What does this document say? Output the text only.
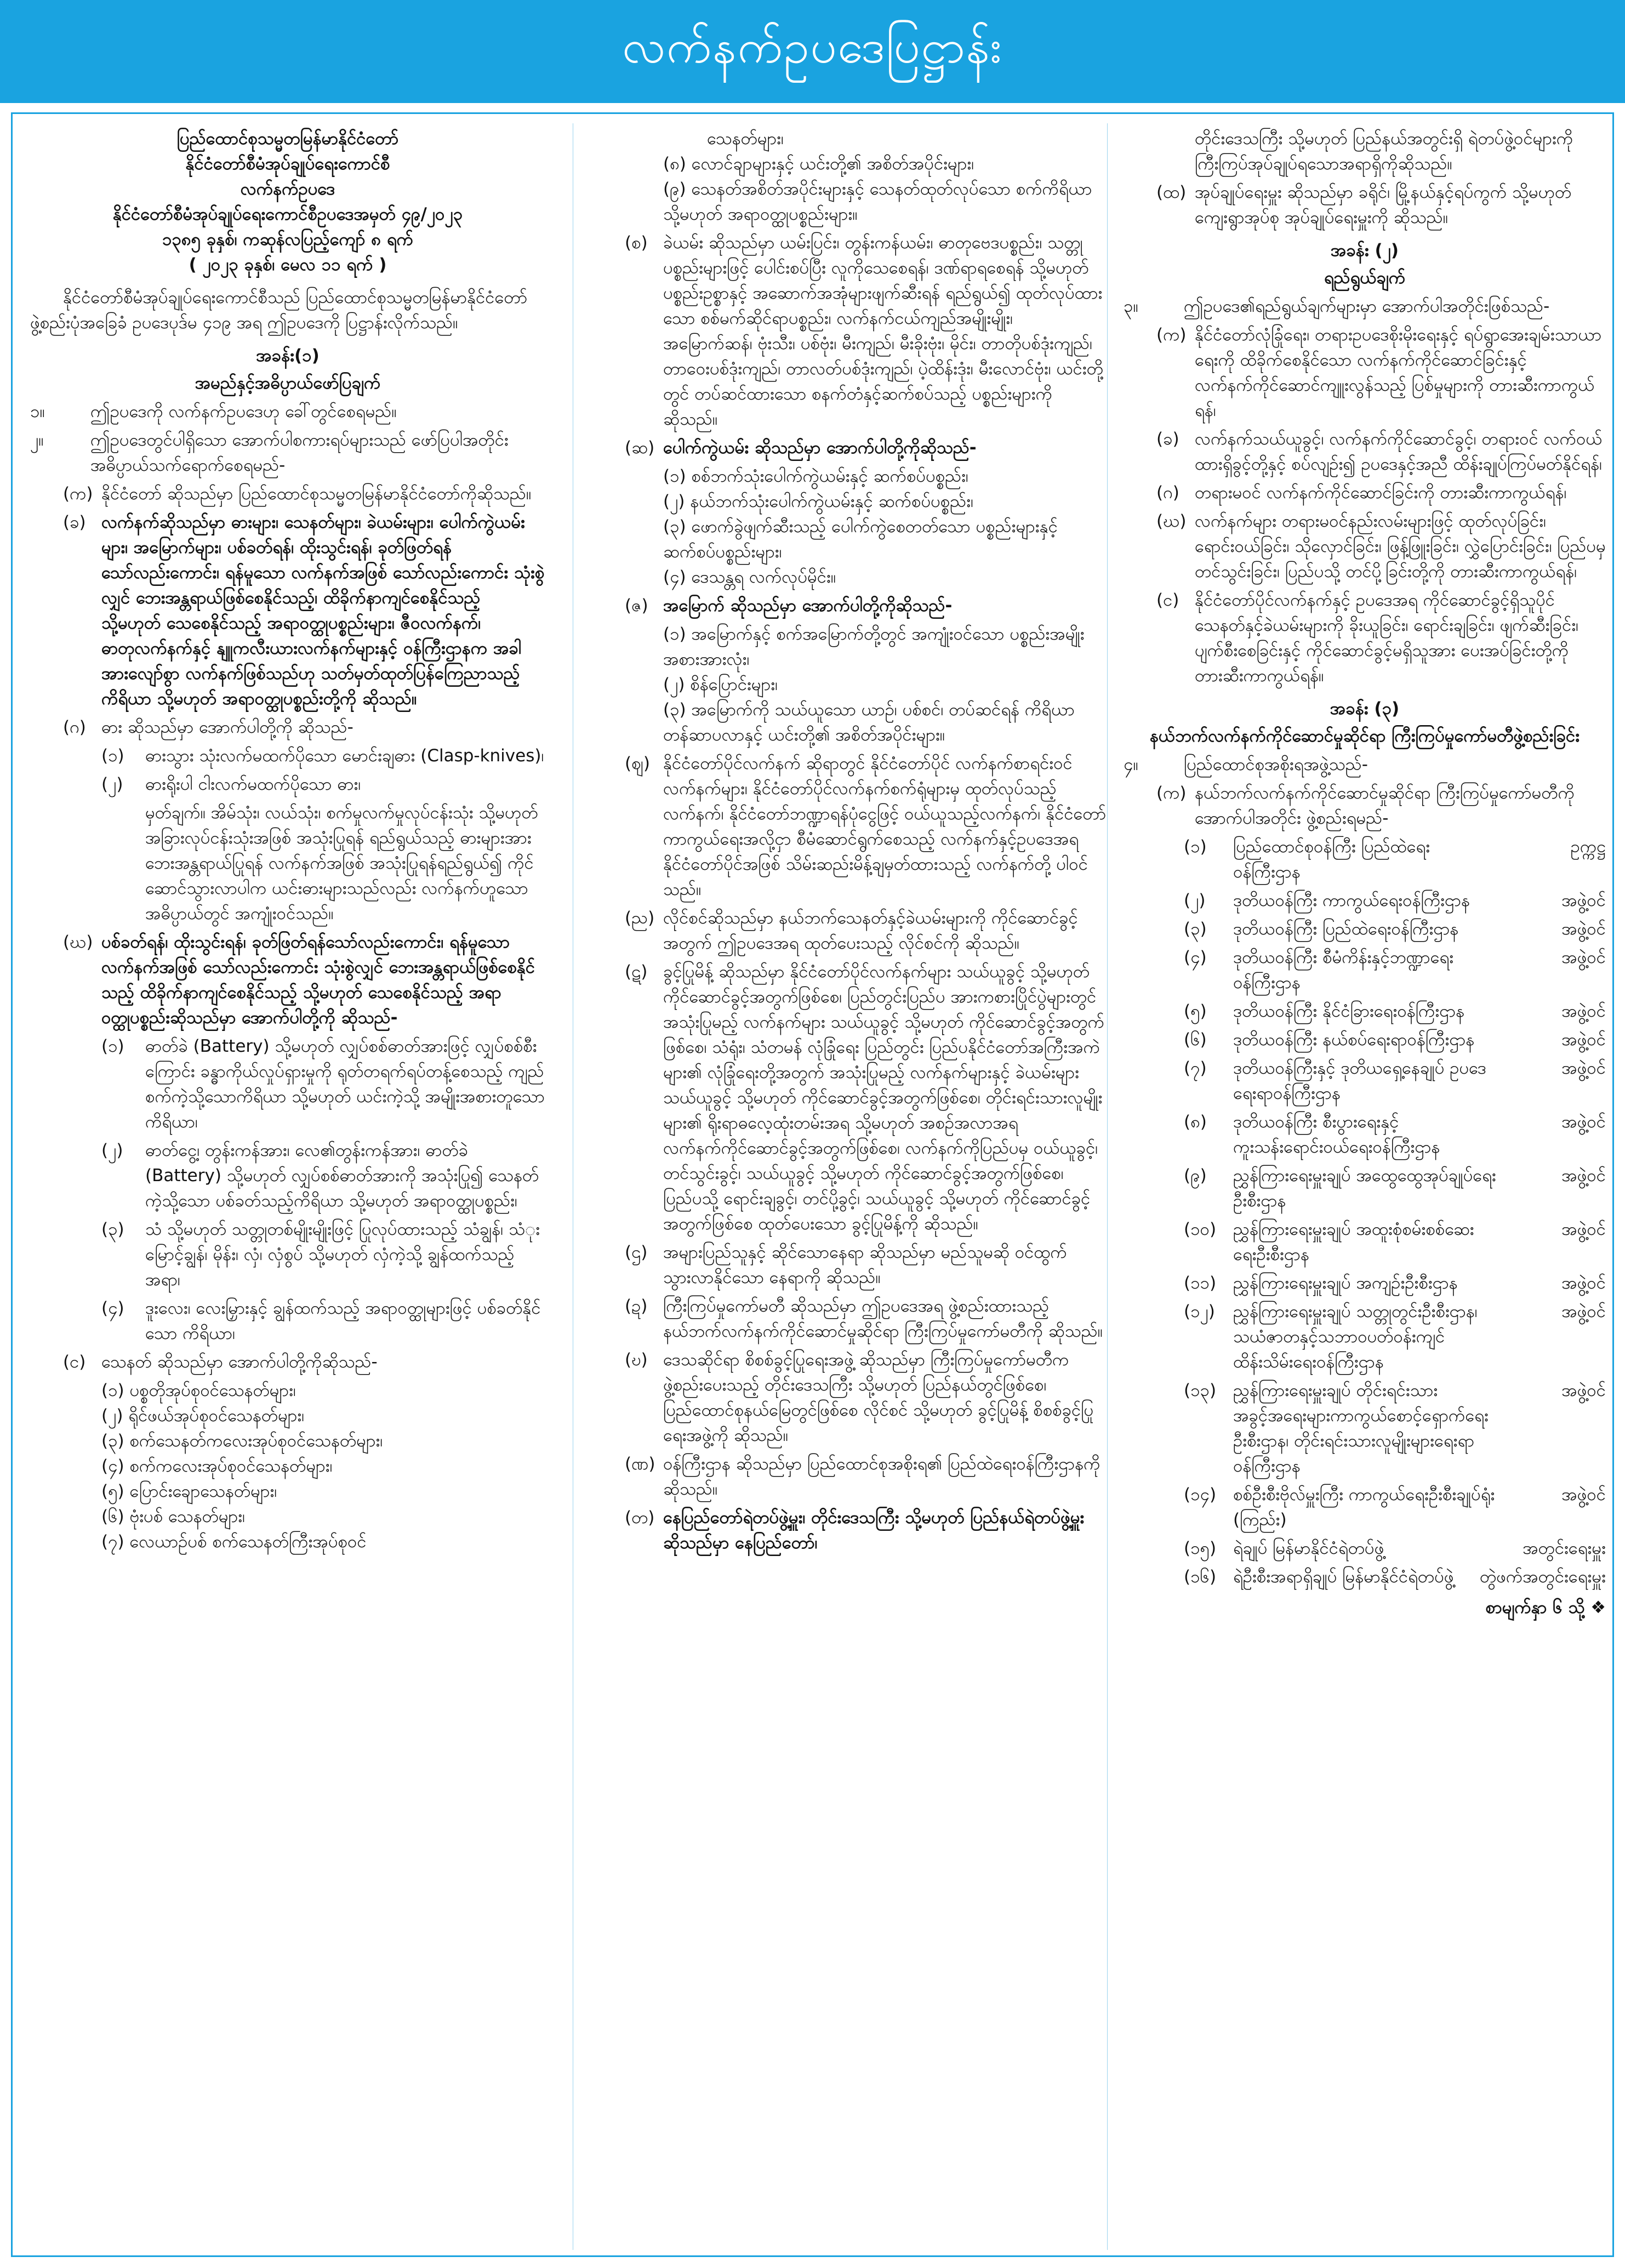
လက်နက်ဥပဒေပြဋ္ဌာန်း
ပြည်ထောင်စုသမ္မတမြန်မာနိုင်ငံတော်
နိုင်ငံတော်စီမံအုပ်ချုပ်ရေးကောင်စီ
လက်နက်ဥပဒေ
နိုင်ငံတော်စီမံအုပ်ချုပ်ရေးကောင်စီဥပဒေအမှတ် ၄၉/၂၀၂၃
၁၃၈၅ ခုနှစ်၊ ကဆုန်လပြည့်ကျော် ၈ ရက်
( ၂၀၂၃ ခုနှစ်၊ မေလ ၁၁ ရက် )
နိုင်ငံတော်စီမံအုပ်ချုပ်ရေးကောင်စီသည် ပြည်ထောင်စုသမ္မတမြန်မာနိုင်ငံတော်ဖွဲ့စည်းပုံအခြေခံ ဥပဒေပုဒ်မ ၄၁၉ အရ ဤဥပဒေကို ပြဋ္ဌာန်းလိုက်သည်။
အခန်း(၁)
အမည်နှင့်အဓိပ္ပာယ်ဖော်ပြချက်
၁။	ဤဥပဒေကို လက်နက်ဥပဒေဟု ခေါ်တွင်စေရမည်။
၂။	ဤဥပဒေတွင်ပါရှိသော အောက်ပါစကားရပ်များသည် ဖော်ပြပါအတိုင်း အဓိပ္ပာယ်သက်ရောက်စေရမည်-
(က) နိုင်ငံတော် ဆိုသည်မှာ ပြည်ထောင်စုသမ္မတမြန်မာနိုင်ငံတော်ကိုဆိုသည်။
(ခ) လက်နက်ဆိုသည်မှာ ဓားများ၊ သေနတ်များ၊ ခဲယမ်းများ၊ ပေါက်ကွဲယမ်းများ၊ အမြောက်များ၊ ပစ်ခတ်ရန်၊ ထိုးသွင်းရန်၊ ခုတ်ဖြတ်ရန်သော်လည်းကောင်း၊ ရန်မူသော လက်နက်အဖြစ် သော်လည်းကောင်း သုံးစွဲလျှင် ဘေးအန္တရာယ်ဖြစ်စေနိုင်သည့်၊ ထိခိုက်နာကျင်စေနိုင်သည့် သို့မဟုတ် သေစေနိုင်သည့် အရာဝတ္ထုပစ္စည်းများ၊ ဇီဝလက်နက်၊ ဓာတုလက်နက်နှင့် နျူကလီးယားလက်နက်များနှင့် ဝန်ကြီးဌာနက အခါအားလျော်စွာ လက်နက်ဖြစ်သည်ဟု သတ်မှတ်ထုတ်ပြန်ကြေညာသည့် ကိရိယာ သို့မဟုတ် အရာဝတ္ထုပစ္စည်းတို့ကို ဆိုသည်။
(ဂ) ဓား ဆိုသည်မှာ အောက်ပါတို့ကို ဆိုသည်-
(၁)	ဓားသွား သုံးလက်မထက်ပိုသော မောင်းချဓား (Clasp-knives)၊
(၂)	ဓားရိုးပါ ငါးလက်မထက်ပိုသော ဓား၊
မှတ်ချက်။ အိမ်သုံး၊ လယ်သုံး၊ စက်မှုလက်မှုလုပ်ငန်းသုံး သို့မဟုတ် အခြားလုပ်ငန်းသုံးအဖြစ် အသုံးပြုရန် ရည်ရွယ်သည့် ဓားများအား ဘေးအန္တရာယ်ပြုရန် လက်နက်အဖြစ် အသုံးပြုရန်ရည်ရွယ်၍ ကိုင်ဆောင်သွားလာပါက ယင်းဓားများသည်လည်း လက်နက်ဟူသော အဓိပ္ပာယ်တွင် အကျုံးဝင်သည်။
(ဃ) ပစ်ခတ်ရန်၊ ထိုးသွင်းရန်၊ ခုတ်ဖြတ်ရန်သော်လည်းကောင်း၊ ရန်မူသော လက်နက်အဖြစ် သော်လည်းကောင်း သုံးစွဲလျှင် ဘေးအန္တရာယ်ဖြစ်စေနိုင်သည့် ထိခိုက်နာကျင်စေနိုင်သည့် သို့မဟုတ် သေစေနိုင်သည့် အရာဝတ္ထုပစ္စည်းဆိုသည်မှာ အောက်ပါတို့ကို ဆိုသည်-
(၁)	ဓာတ်ခဲ (Battery) သို့မဟုတ် လျှပ်စစ်ဓာတ်အားဖြင့် လျှပ်စစ်စီးကြောင်း ခန္ဓာကိုယ်လှုပ်ရှားမှုကို ရုတ်တရက်ရပ်တန့်စေသည့် ကျည်စက်ကဲ့သို့သောကိရိယာ သို့မဟုတ် ယင်းကဲ့သို့ အမျိုးအစားတူသောကိရိယာ၊
(၂)	ဓာတ်ငွေ့၊ တွန်းကန်အား၊ လေ၏တွန်းကန်အား၊ ဓာတ်ခဲ (Battery) သို့မဟုတ် လျှပ်စစ်ဓာတ်အားကို အသုံးပြု၍ သေနတ်ကဲ့သို့သော ပစ်ခတ်သည့်ကိရိယာ သို့မဟုတ် အရာဝတ္ထုပစ္စည်း၊
(၃)	သံ သို့မဟုတ် သတ္တုတစ်မျိုးမျိုးဖြင့် ပြုလုပ်ထားသည့် သံချွန်၊ သံုးမြောင့်ချွန်၊ မိုန်း၊ လှံ၊ လှံစွပ် သို့မဟုတ် လှံကဲ့သို့ ချွန်ထက်သည့်အရာ၊
(၄)	ဒူးလေး၊ လေးမြှားနှင့် ချွန်ထက်သည့် အရာဝတ္ထုများဖြင့် ပစ်ခတ်နိုင်သော ကိရိယာ၊
(င) သေနတ် ဆိုသည်မှာ အောက်ပါတို့ကိုဆိုသည်-
(၁) ပစ္စတိုအုပ်စုဝင်သေနတ်များ၊
(၂) ရိုင်ဖယ်အုပ်စုဝင်သေနတ်များ၊
(၃) စက်သေနတ်ကလေးအုပ်စုဝင်သေနတ်များ၊
(၄) စက်ကလေးအုပ်စုဝင်သေနတ်များ၊
(၅) ပြောင်းချောသေနတ်များ၊
(၆) ဗုံးပစ် သေနတ်များ၊
(၇) လေယာဉ်ပစ် စက်သေနတ်ကြီးအုပ်စုဝင်
သေနတ်များ၊
(၈) လောင်ချာများနှင့် ယင်းတို့၏ အစိတ်အပိုင်းများ၊
(၉) သေနတ်အစိတ်အပိုင်းများနှင့် သေနတ်ထုတ်လုပ်သော စက်ကိရိယာ သို့မဟုတ် အရာဝတ္ထုပစ္စည်းများ။
(စ) ခဲယမ်း ဆိုသည်မှာ ယမ်းပြင်း၊ တွန်းကန်ယမ်း၊ ဓာတုဗေဒပစ္စည်း၊ သတ္တုပစ္စည်းများဖြင့် ပေါင်းစပ်ပြီး လူကိုသေစေရန်၊ ဒဏ်ရာရစေရန် သို့မဟုတ် ပစ္စည်းဥစ္စာနှင့် အဆောက်အအုံများဖျက်ဆီးရန် ရည်ရွယ်၍ ထုတ်လုပ်ထားသော စစ်မက်ဆိုင်ရာပစ္စည်း၊ လက်နက်ငယ်ကျည်အမျိုးမျိုး၊ အမြောက်ဆန်၊ ဗုံးသီး၊ ပစ်ဗုံး၊ မီးကျည်၊ မီးခိုးဗုံး၊ မိုင်း၊ တာတိုပစ်ဒုံးကျည်၊ တာဝေးပစ်ဒုံးကျည်၊ တာလတ်ပစ်ဒုံးကျည်၊ ပဲ့ထိန်းဒုံး၊ မီးလောင်ဗုံး၊ ယင်းတို့တွင် တပ်ဆင်ထားသော စနက်တံနှင့်ဆက်စပ်သည့် ပစ္စည်းများကို ဆိုသည်။
(ဆ) ပေါက်ကွဲယမ်း ဆိုသည်မှာ အောက်ပါတို့ကိုဆိုသည်-
(၁) စစ်ဘက်သုံးပေါက်ကွဲယမ်းနှင့် ဆက်စပ်ပစ္စည်း၊
(၂) နယ်ဘက်သုံးပေါက်ကွဲယမ်းနှင့် ဆက်စပ်ပစ္စည်း၊
(၃) ဖောက်ခွဲဖျက်ဆီးသည့် ပေါက်ကွဲစေတတ်သော ပစ္စည်းများနှင့် ဆက်စပ်ပစ္စည်းများ၊
(၄) ဒေသန္တရ လက်လုပ်မိုင်း။
(ဇ) အမြောက် ဆိုသည်မှာ အောက်ပါတို့ကိုဆိုသည်-
(၁) အမြောက်နှင့် စက်အမြောက်တို့တွင် အကျုံးဝင်သော ပစ္စည်းအမျိုးအစားအားလုံး၊
(၂) စိန်ပြောင်းများ၊
(၃) အမြောက်ကို သယ်ယူသော ယာဉ်၊ ပစ်စင်၊ တပ်ဆင်ရန် ကိရိယာတန်ဆာပလာနှင့် ယင်းတို့၏ အစိတ်အပိုင်းများ။
(ဈ) နိုင်ငံတော်ပိုင်လက်နက် ဆိုရာတွင် နိုင်ငံတော်ပိုင် လက်နက်စာရင်းဝင် လက်နက်များ၊ နိုင်ငံတော်ပိုင်လက်နက်စက်ရုံများမှ ထုတ်လုပ်သည့်လက်နက်၊ နိုင်ငံတော်ဘဏ္ဍာရန်ပုံငွေဖြင့် ဝယ်ယူသည့်လက်နက်၊ နိုင်ငံတော်ကာကွယ်ရေးအလို့ငှာ စီမံဆောင်ရွက်စေသည့် လက်နက်နှင့်ဥပဒေအရ နိုင်ငံတော်ပိုင်အဖြစ် သိမ်းဆည်းမိန့်ချမှတ်ထားသည့် လက်နက်တို့ ပါဝင်သည်။
(ည) လိုင်စင်ဆိုသည်မှာ နယ်ဘက်သေနတ်နှင့်ခဲယမ်းများကို ကိုင်ဆောင်ခွင့်အတွက် ဤဥပဒေအရ ထုတ်ပေးသည့် လိုင်စင်ကို ဆိုသည်။
(ဋ) ခွင့်ပြုမိန့် ဆိုသည်မှာ နိုင်ငံတော်ပိုင်လက်နက်များ သယ်ယူခွင့် သို့မဟုတ် ကိုင်ဆောင်ခွင့်အတွက်ဖြစ်စေ၊ ပြည်တွင်းပြည်ပ အားကစားပြိုင်ပွဲများတွင် အသုံးပြုမည့် လက်နက်များ သယ်ယူခွင့် သို့မဟုတ် ကိုင်ဆောင်ခွင့်အတွက်ဖြစ်စေ၊ သံရုံး၊ သံတမန် လုံခြုံရေး ပြည်တွင်း ပြည်ပနိုင်ငံတော်အကြီးအကဲများ၏ လုံခြုံရေးတို့အတွက် အသုံးပြုမည့် လက်နက်များနှင့် ခဲယမ်းများ သယ်ယူခွင့် သို့မဟုတ် ကိုင်ဆောင်ခွင့်အတွက်ဖြစ်စေ၊ တိုင်းရင်းသားလူမျိုးများ၏ ရိုးရာဓလေ့ထုံးတမ်းအရ သို့မဟုတ် အစဉ်အလာအရ လက်နက်ကိုင်ဆောင်ခွင့်အတွက်ဖြစ်စေ၊ လက်နက်ကိုပြည်ပမှ ဝယ်ယူခွင့်၊ တင်သွင်းခွင့်၊ သယ်ယူခွင့် သို့မဟုတ် ကိုင်ဆောင်ခွင့်အတွက်ဖြစ်စေ၊ ပြည်ပသို့ ရောင်းချခွင့်၊ တင်ပို့ခွင့်၊ သယ်ယူခွင့် သို့မဟုတ် ကိုင်ဆောင်ခွင့်အတွက်ဖြစ်စေ ထုတ်ပေးသော ခွင့်ပြုမိန့်ကို ဆိုသည်။
(ဌ) အများပြည်သူနှင့် ဆိုင်သောနေရာ ဆိုသည်မှာ မည်သူမဆို ဝင်ထွက်သွားလာနိုင်သော နေရာကို ဆိုသည်။
(ဍ) ကြီးကြပ်မှုကော်မတီ ဆိုသည်မှာ ဤဥပဒေအရ ဖွဲ့စည်းထားသည့် နယ်ဘက်လက်နက်ကိုင်ဆောင်မှုဆိုင်ရာ ကြီးကြပ်မှုကော်မတီကို ဆိုသည်။
(ဎ) ဒေသဆိုင်ရာ စိစစ်ခွင့်ပြုရေးအဖွဲ့ ဆိုသည်မှာ ကြီးကြပ်မှုကော်မတီက ဖွဲ့စည်းပေးသည့် တိုင်းဒေသကြီး သို့မဟုတ် ပြည်နယ်တွင်ဖြစ်စေ၊ ပြည်ထောင်စုနယ်မြေတွင်ဖြစ်စေ လိုင်စင် သို့မဟုတ် ခွင့်ပြုမိန့် စိစစ်ခွင့်ပြုရေးအဖွဲ့ကို ဆိုသည်။
(ဏ) ဝန်ကြီးဌာန ဆိုသည်မှာ ပြည်ထောင်စုအစိုးရ၏ ပြည်ထဲရေးဝန်ကြီးဌာနကို ဆိုသည်။
(တ) နေပြည်တော်ရဲတပ်ဖွဲ့မှူး၊ တိုင်းဒေသကြီး သို့မဟုတ် ပြည်နယ်ရဲတပ်ဖွဲ့မှူး ဆိုသည်မှာ နေပြည်တော်၊
တိုင်းဒေသကြီး သို့မဟုတ် ပြည်နယ်အတွင်းရှိ ရဲတပ်ဖွဲ့ဝင်များကို ကြီးကြပ်အုပ်ချုပ်ရသောအရာရှိကိုဆိုသည်။
(ထ) အုပ်ချုပ်ရေးမှူး ဆိုသည်မှာ ခရိုင်၊ မြို့နယ်နှင့်ရပ်ကွက် သို့မဟုတ် ကျေးရွာအုပ်စု အုပ်ချုပ်ရေးမှူးကို ဆိုသည်။
အခန်း (၂)
ရည်ရွယ်ချက်
၃။	ဤဥပဒေ၏ရည်ရွယ်ချက်များမှာ အောက်ပါအတိုင်းဖြစ်သည်-
(က) နိုင်ငံတော်လုံခြုံရေး၊ တရားဥပဒေစိုးမိုးရေးနှင့် ရပ်ရွာအေးချမ်းသာယာရေးကို ထိခိုက်စေနိုင်သော လက်နက်ကိုင်ဆောင်ခြင်းနှင့် လက်နက်ကိုင်ဆောင်ကျူးလွန်သည့် ပြစ်မှုများကို တားဆီးကာကွယ်ရန်၊
(ခ) လက်နက်သယ်ယူခွင့်၊ လက်နက်ကိုင်ဆောင်ခွင့်၊ တရားဝင် လက်ဝယ်ထားရှိခွင့်တို့နှင့် စပ်လျဉ်း၍ ဥပဒေနှင့်အညီ ထိန်းချုပ်ကြပ်မတ်နိုင်ရန်၊
(ဂ) တရားမဝင် လက်နက်ကိုင်ဆောင်ခြင်းကို တားဆီးကာကွယ်ရန်၊
(ဃ) လက်နက်များ တရားမဝင်နည်းလမ်းများဖြင့် ထုတ်လုပ်ခြင်း၊ ရောင်းဝယ်ခြင်း၊ သိုလှောင်ခြင်း၊ ဖြန့်ဖြူးခြင်း၊ လွှဲပြောင်းခြင်း၊ ပြည်ပမှတင်သွင်းခြင်း၊ ပြည်ပသို့ တင်ပို့ခြင်းတို့ကို တားဆီးကာကွယ်ရန်၊
(င) နိုင်ငံတော်ပိုင်လက်နက်နှင့် ဥပဒေအရ ကိုင်ဆောင်ခွင့်ရှိသူပိုင် သေနတ်နှင့်ခဲယမ်းများကို ခိုးယူခြင်း၊ ရောင်းချခြင်း၊ ဖျက်ဆီးခြင်း၊ ပျက်စီးစေခြင်းနှင့် ကိုင်ဆောင်ခွင့်မရှိသူအား ပေးအပ်ခြင်းတို့ကို တားဆီးကာကွယ်ရန်။
အခန်း (၃)
နယ်ဘက်လက်နက်ကိုင်ဆောင်မှုဆိုင်ရာ ကြီးကြပ်မှုကော်မတီဖွဲ့စည်းခြင်း
၄။	ပြည်ထောင်စုအစိုးရအဖွဲ့သည်-
(က) နယ်ဘက်လက်နက်ကိုင်ဆောင်မှုဆိုင်ရာ ကြီးကြပ်မှုကော်မတီကို အောက်ပါအတိုင်း ဖွဲ့စည်းရမည်-
(၁)	ပြည်ထောင်စုဝန်ကြီး ပြည်ထဲရေးဝန်ကြီးဌာန
ဥက္ကဋ္ဌ
(၂)	ဒုတိယဝန်ကြီး ကာကွယ်ရေးဝန်ကြီးဌာန	အဖွဲ့ဝင်
(၃)	ဒုတိယဝန်ကြီး ပြည်ထဲရေးဝန်ကြီးဌာန	အဖွဲ့ဝင်
(၄)	ဒုတိယဝန်ကြီး စီမံကိန်းနှင့်ဘဏ္ဍာရေးဝန်ကြီးဌာန
အဖွဲ့ဝင်
(၅)	ဒုတိယဝန်ကြီး နိုင်ငံခြားရေးဝန်ကြီးဌာန	အဖွဲ့ဝင်
(၆)	ဒုတိယဝန်ကြီး နယ်စပ်ရေးရာဝန်ကြီးဌာန	အဖွဲ့ဝင်
(၇)	ဒုတိယဝန်ကြီးနှင့် ဒုတိယရှေ့နေချုပ် ဥပဒေရေးရာဝန်ကြီးဌာန
အဖွဲ့ဝင်
(၈)	ဒုတိယဝန်ကြီး စီးပွားရေးနှင့် ကူးသန်းရောင်းဝယ်ရေးဝန်ကြီးဌာန
အဖွဲ့ဝင်
(၉)	ညွှန်ကြားရေးမှူးချုပ် အထွေထွေအုပ်ချုပ်ရေးဦးစီးဌာန
အဖွဲ့ဝင်
(၁၀) ညွှန်ကြားရေးမှူးချုပ် အထူးစုံစမ်းစစ်ဆေးရေးဦးစီးဌာန
အဖွဲ့ဝင်
(၁၁) ညွှန်ကြားရေးမှူးချုပ် အကျဉ်းဦးစီးဌာန	အဖွဲ့ဝင်
(၁၂)	ညွှန်ကြားရေးမှူးချုပ် သတ္တုတွင်းဦးစီးဌာန၊ သယံဇာတနှင့်သဘာဝပတ်ဝန်းကျင် ထိန်းသိမ်းရေးဝန်ကြီးဌာန
အဖွဲ့ဝင်
(၁၃) ညွှန်ကြားရေးမှူးချုပ် တိုင်းရင်းသားအခွင့်အရေးများကာကွယ်စောင့်ရှောက်ရေး ဦးစီးဌာန၊ တိုင်းရင်းသားလူမျိုးများရေးရာဝန်ကြီးဌာန
အဖွဲ့ဝင်
(၁၄) စစ်ဦးစီးဗိုလ်မှူးကြီး ကာကွယ်ရေးဦးစီးချုပ်ရုံး (ကြည်း)
အဖွဲ့ဝင်
(၁၅) ရဲချုပ် မြန်မာနိုင်ငံရဲတပ်ဖွဲ့	အတွင်းရေးမှူး
(၁၆) ရဲဦးစီးအရာရှိချုပ် မြန်မာနိုင်ငံရဲတပ်ဖွဲ့	တွဲဖက်အတွင်းရေးမှူး
စာမျက်နှာ ၆ သို့ ❖
